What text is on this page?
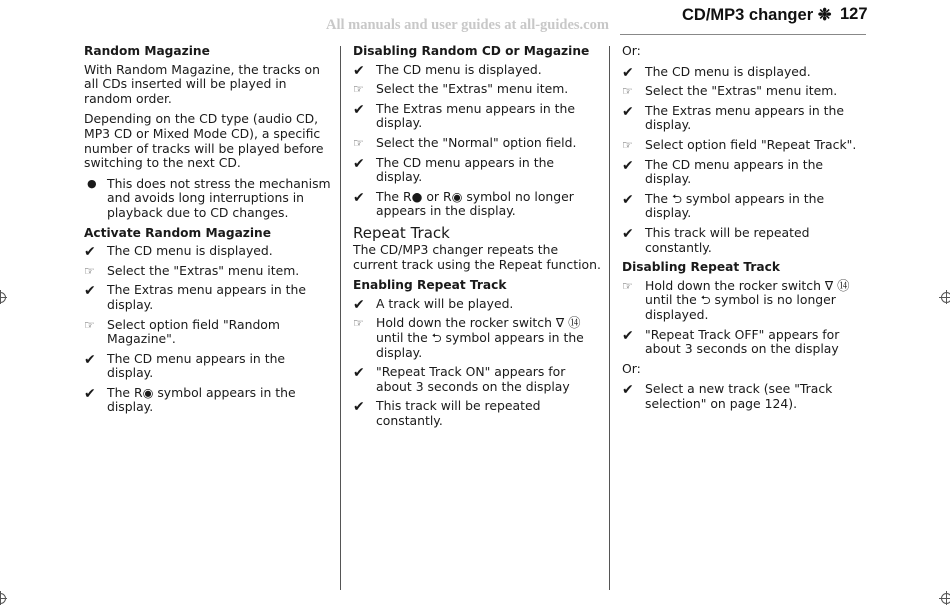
All manuals and user guides at all-guides.com
CD/MP3 changer ❉ 127
Random Magazine
With Random Magazine, the tracks on all CDs inserted will be played in random order.
Depending on the CD type (audio CD, MP3 CD or Mixed Mode CD), a specific number of tracks will be played before switching to the next CD.
● This does not stress the mechanism and avoids long interruptions in playback due to CD changes.
Activate Random Magazine
✔ The CD menu is displayed.
☞ Select the "Extras" menu item.
✔ The Extras menu appears in the display.
☞ Select option field "Random Magazine".
✔ The CD menu appears in the display.
✔ The R◉ symbol appears in the display.
Disabling Random CD or Magazine
✔ The CD menu is displayed.
☞ Select the "Extras" menu item.
✔ The Extras menu appears in the display.
☞ Select the "Normal" option field.
✔ The CD menu appears in the display.
✔ The R● or R◉ symbol no longer appears in the display.
Repeat Track
The CD/MP3 changer repeats the current track using the Repeat function.
Enabling Repeat Track
✔ A track will be played.
☞ Hold down the rocker switch ∇ ⑭ until the ⮌ symbol appears in the display.
✔ "Repeat Track ON" appears for about 3 seconds on the display
✔ This track will be repeated constantly.
Or:
✔ The CD menu is displayed.
☞ Select the "Extras" menu item.
✔ The Extras menu appears in the display.
☞ Select option field "Repeat Track".
✔ The CD menu appears in the display.
✔ The ⮌ symbol appears in the display.
✔ This track will be repeated constantly.
Disabling Repeat Track
☞ Hold down the rocker switch ∇ ⑭ until the ⮌ symbol is no longer displayed.
✔ "Repeat Track OFF" appears for about 3 seconds on the display
Or:
✔ Select a new track (see "Track selection" on page 124).
